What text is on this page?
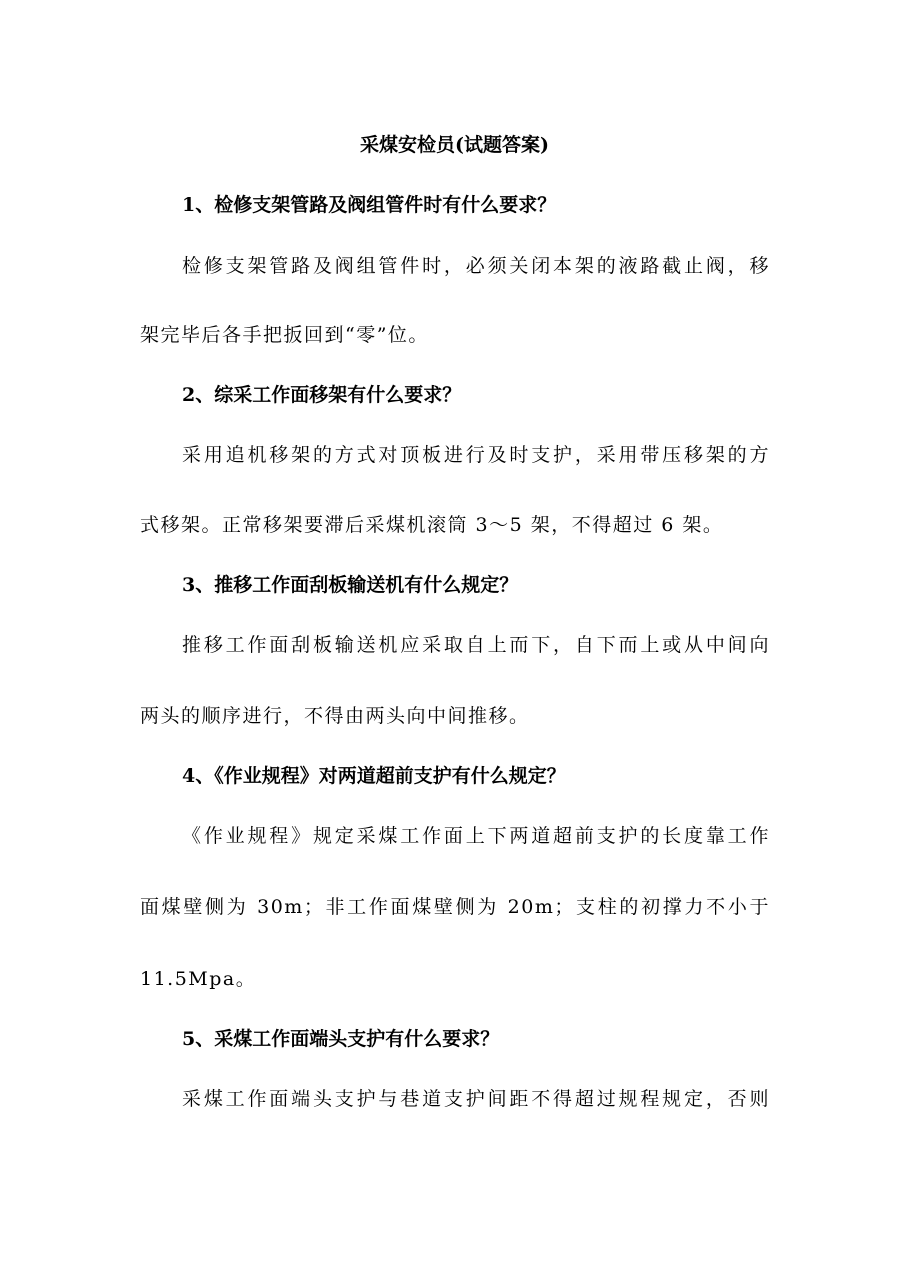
采煤安检员(试题答案)
1、检修支架管路及阀组管件时有什么要求？
检修支架管路及阀组管件时，必须关闭本架的液路截止阀，移
架完毕后各手把扳回到“零”位。
2、综采工作面移架有什么要求？
采用追机移架的方式对顶板进行及时支护，采用带压移架的方
式移架。正常移架要滞后采煤机滚筒 3～5 架，不得超过 6 架。
3、推移工作面刮板输送机有什么规定？
推移工作面刮板输送机应采取自上而下，自下而上或从中间向
两头的顺序进行，不得由两头向中间推移。
4、《作业规程》对两道超前支护有什么规定？
《作业规程》规定采煤工作面上下两道超前支护的长度靠工作
面煤壁侧为 30m；非工作面煤壁侧为 20m；支柱的初撑力不小于
11.5Mpa。
5、采煤工作面端头支护有什么要求？
采煤工作面端头支护与巷道支护间距不得超过规程规定，否则
